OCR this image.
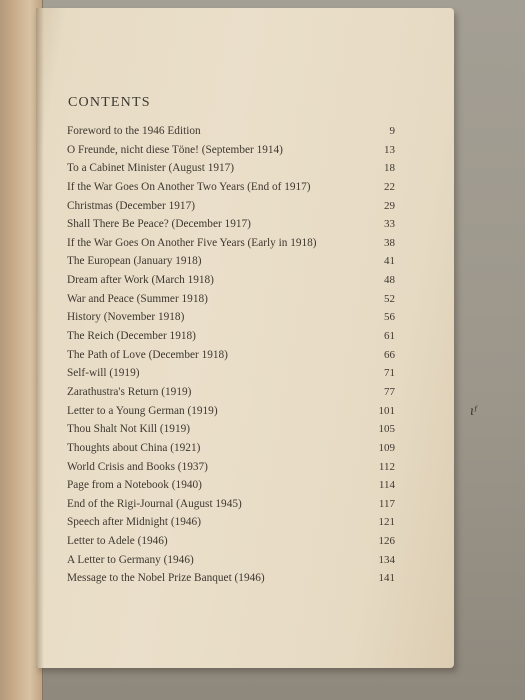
CONTENTS
Foreword to the 1946 Edition	9
O Freunde, nicht diese Töne! (September 1914)	13
To a Cabinet Minister (August 1917)	18
If the War Goes On Another Two Years (End of 1917)	22
Christmas (December 1917)	29
Shall There Be Peace? (December 1917)	33
If the War Goes On Another Five Years (Early in 1918)	38
The European (January 1918)	41
Dream after Work (March 1918)	48
War and Peace (Summer 1918)	52
History (November 1918)	56
The Reich (December 1918)	61
The Path of Love (December 1918)	66
Self-will (1919)	71
Zarathustra's Return (1919)	77
Letter to a Young German (1919)	101
Thou Shalt Not Kill (1919)	105
Thoughts about China (1921)	109
World Crisis and Books (1937)	112
Page from a Notebook (1940)	114
End of the Rigi-Journal (August 1945)	117
Speech after Midnight (1946)	121
Letter to Adele (1946)	126
A Letter to Germany (1946)	134
Message to the Nobel Prize Banquet (1946)	141
ɩᶠ
